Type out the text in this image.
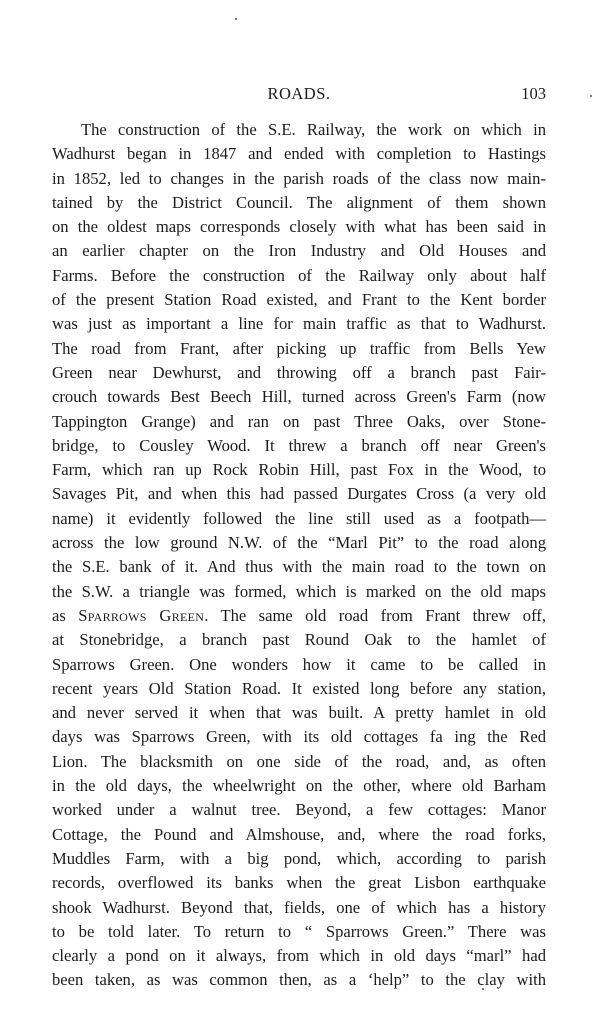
ROADS.	103
The construction of the S.E. Railway, the work on which in
Wadhurst began in 1847 and ended with completion to Hastings
in 1852, led to changes in the parish roads of the class now main-
tained by the District Council. The alignment of them shown
on the oldest maps corresponds closely with what has been said in
an earlier chapter on the Iron Industry and Old Houses and
Farms. Before the construction of the Railway only about half
of the present Station Road existed, and Frant to the Kent border
was just as important a line for main traffic as that to Wadhurst.
The road from Frant, after picking up traffic from Bells Yew
Green near Dewhurst, and throwing off a branch past Fair-
crouch towards Best Beech Hill, turned across Green's Farm (now
Tappington Grange) and ran on past Three Oaks, over Stone-
bridge, to Cousley Wood. It threw a branch off near Green's
Farm, which ran up Rock Robin Hill, past Fox in the Wood, to
Savages Pit, and when this had passed Durgates Cross (a very old
name) it evidently followed the line still used as a footpath—
across the low ground N.W. of the “Marl Pit” to the road along
the S.E. bank of it. And thus with the main road to the town on
the S.W. a triangle was formed, which is marked on the old maps
as Sparrows Green. The same old road from Frant threw off,
at Stonebridge, a branch past Round Oak to the hamlet of
Sparrows Green. One wonders how it came to be called in
recent years Old Station Road. It existed long before any station,
and never served it when that was built. A pretty hamlet in old
days was Sparrows Green, with its old cottages fa ing the Red
Lion. The blacksmith on one side of the road, and, as often
in the old days, the wheelwright on the other, where old Barham
worked under a walnut tree. Beyond, a few cottages: Manor
Cottage, the Pound and Almshouse, and, where the road forks,
Muddles Farm, with a big pond, which, according to parish
records, overflowed its banks when the great Lisbon earthquake
shook Wadhurst. Beyond that, fields, one of which has a history
to be told later. To return to “ Sparrows Green.” There was
clearly a pond on it always, from which in old days “marl” had
been taken, as was common then, as a ‘help” to the clay with
